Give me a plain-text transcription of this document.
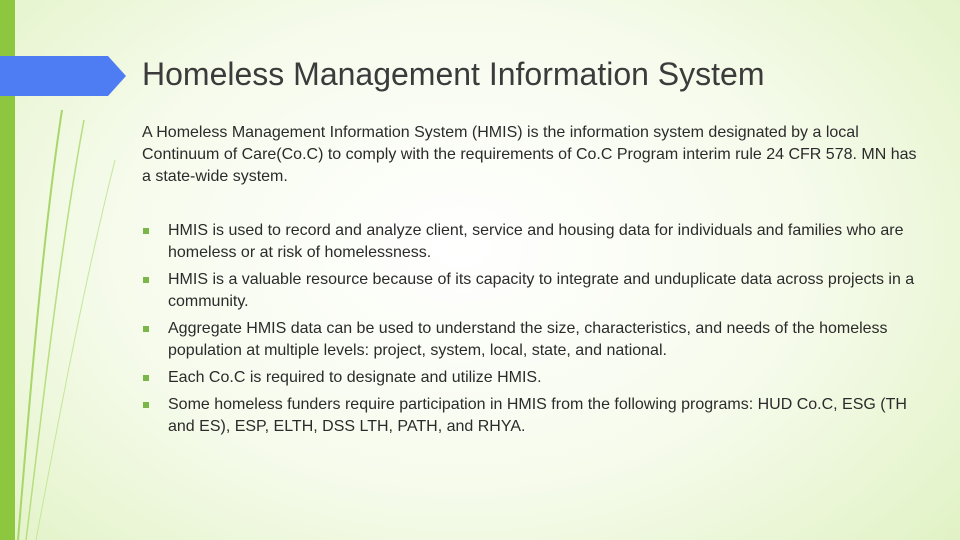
Homeless Management Information System

A Homeless Management Information System (HMIS) is the information system designated by a local Continuum of Care(Co.C) to comply with the requirements of Co.C Program interim rule 24 CFR 578. MN has a state-wide system.

HMIS is used to record and analyze client, service and housing data for individuals and families who are homeless or at risk of homelessness.
HMIS is a valuable resource because of its capacity to integrate and unduplicate data across projects in a community.
Aggregate HMIS data can be used to understand the size, characteristics, and needs of the homeless population at multiple levels: project, system, local, state, and national.
Each Co.C is required to designate and utilize HMIS.
Some homeless funders require participation in HMIS from the following programs: HUD Co.C, ESG (TH and ES), ESP, ELTH, DSS LTH, PATH, and RHYA.
